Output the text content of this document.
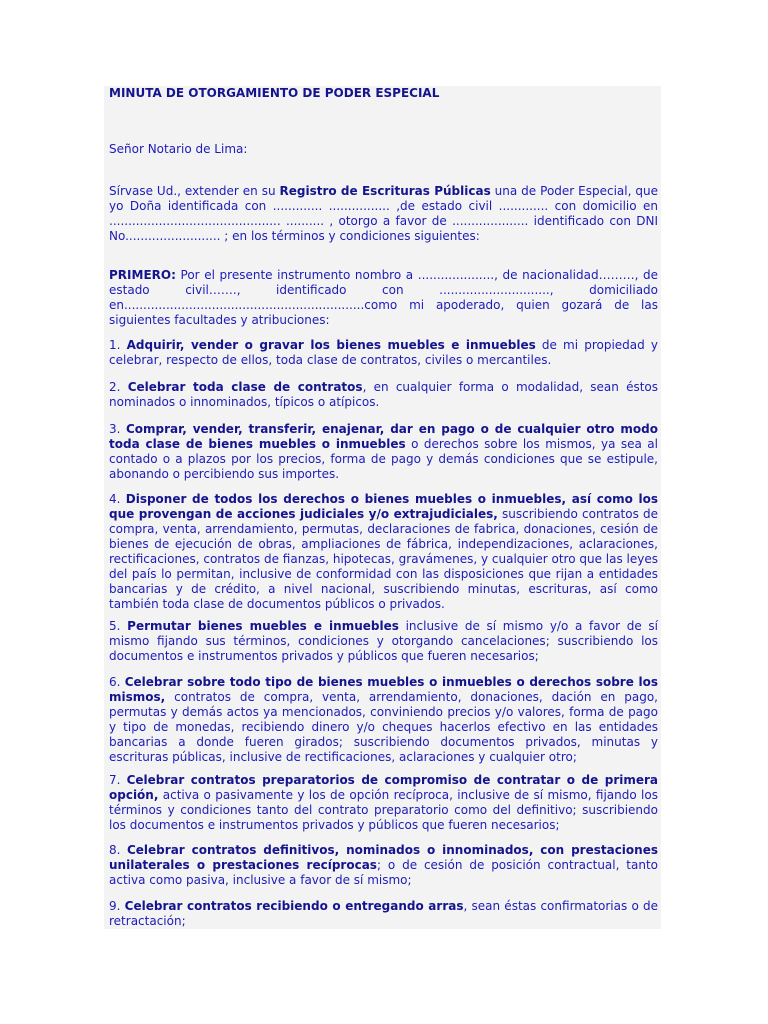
MINUTA DE OTORGAMIENTO DE PODER ESPECIAL

Señor Notario de Lima:

Sírvase Ud., extender en su Registro de Escrituras Públicas una de Poder Especial, que yo Doña identificada con ............. ................ ,de estado civil ............. con domicilio en ............................................. .......... , otorgo a favor de .................... identificado con DNI No......................... ; en los términos y condiciones siguientes:

PRIMERO: Por el presente instrumento nombro a ...................., de nacionalidad………, de estado civil……., identificado con ............................., domiciliado en...............................................................como mi apoderado, quien gozará de las siguientes facultades y atribuciones:

1. Adquirir, vender o gravar los bienes muebles e inmuebles de mi propiedad y celebrar, respecto de ellos, toda clase de contratos, civiles o mercantiles.

2. Celebrar toda clase de contratos, en cualquier forma o modalidad, sean éstos nominados o innominados, típicos o atípicos.

3. Comprar, vender, transferir, enajenar, dar en pago o de cualquier otro modo toda clase de bienes muebles o inmuebles o derechos sobre los mismos, ya sea al contado o a plazos por los precios, forma de pago y demás condiciones que se estipule, abonando o percibiendo sus importes.

4. Disponer de todos los derechos o bienes muebles o inmuebles, así como los que provengan de acciones judiciales y/o extrajudiciales, suscribiendo contratos de compra, venta, arrendamiento, permutas, declaraciones de fabrica, donaciones, cesión de bienes de ejecución de obras, ampliaciones de fábrica, independizaciones, aclaraciones, rectificaciones, contratos de fianzas, hipotecas, gravámenes, y cualquier otro que las leyes del país lo permitan, inclusive de conformidad con las disposiciones que rijan a entidades bancarias y de crédito, a nivel nacional, suscribiendo minutas, escrituras, así como también toda clase de documentos públicos o privados.

5. Permutar bienes muebles e inmuebles inclusive de sí mismo y/o a favor de sí mismo fijando sus términos, condiciones y otorgando cancelaciones; suscribiendo los documentos e instrumentos privados y públicos que fueren necesarios;

6. Celebrar sobre todo tipo de bienes muebles o inmuebles o derechos sobre los mismos, contratos de compra, venta, arrendamiento, donaciones, dación en pago, permutas y demás actos ya mencionados, conviniendo precios y/o valores, forma de pago y tipo de monedas, recibiendo dinero y/o cheques hacerlos efectivo en las entidades bancarias a donde fueren girados; suscribiendo documentos privados, minutas y escrituras públicas, inclusive de rectificaciones, aclaraciones y cualquier otro;

7. Celebrar contratos preparatorios de compromiso de contratar o de primera opción, activa o pasivamente y los de opción recíproca, inclusive de sí mismo, fijando los términos y condiciones tanto del contrato preparatorio como del definitivo; suscribiendo los documentos e instrumentos privados y públicos que fueren necesarios;

8. Celebrar contratos definitivos, nominados o innominados, con prestaciones unilaterales o prestaciones recíprocas; o de cesión de posición contractual, tanto activa como pasiva, inclusive a favor de sí mismo;

9. Celebrar contratos recibiendo o entregando arras, sean éstas confirmatorias o de retractación;
